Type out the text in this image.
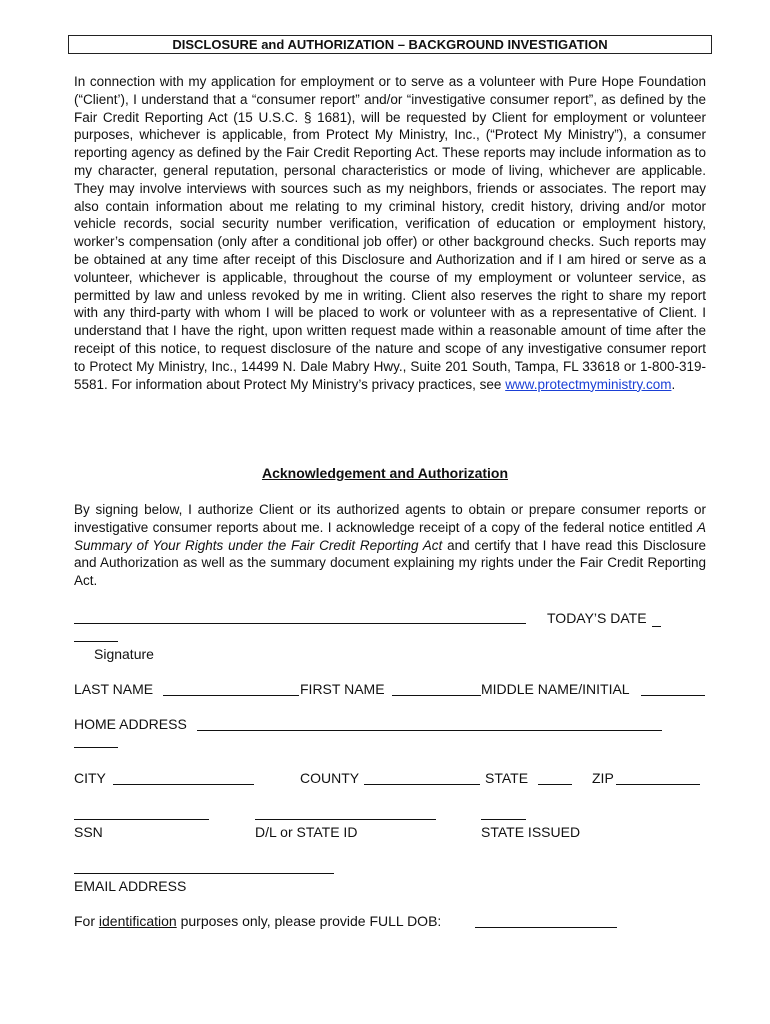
DISCLOSURE and AUTHORIZATION – BACKGROUND INVESTIGATION
In connection with my application for employment or to serve as a volunteer with Pure Hope Foundation (“Client’), I understand that a “consumer report” and/or “investigative consumer report”, as defined by the Fair Credit Reporting Act (15 U.S.C. § 1681), will be requested by Client for employment or volunteer purposes, whichever is applicable, from Protect My Ministry, Inc., (“Protect My Ministry”), a consumer reporting agency as defined by the Fair Credit Reporting Act. These reports may include information as to my character, general reputation, personal characteristics or mode of living, whichever are applicable. They may involve interviews with sources such as my neighbors, friends or associates. The report may also contain information about me relating to my criminal history, credit history, driving and/or motor vehicle records, social security number verification, verification of education or employment history, worker’s compensation (only after a conditional job offer) or other background checks. Such reports may be obtained at any time after receipt of this Disclosure and Authorization and if I am hired or serve as a volunteer, whichever is applicable, throughout the course of my employment or volunteer service, as permitted by law and unless revoked by me in writing. Client also reserves the right to share my report with any third-party with whom I will be placed to work or volunteer with as a representative of Client. I understand that I have the right, upon written request made within a reasonable amount of time after the receipt of this notice, to request disclosure of the nature and scope of any investigative consumer report to Protect My Ministry, Inc., 14499 N. Dale Mabry Hwy., Suite 201 South, Tampa, FL 33618 or 1-800-319-5581. For information about Protect My Ministry’s privacy practices, see www.protectmyministry.com.
Acknowledgement and Authorization
By signing below, I authorize Client or its authorized agents to obtain or prepare consumer reports or investigative consumer reports about me. I acknowledge receipt of a copy of the federal notice entitled A Summary of Your Rights under the Fair Credit Reporting Act and certify that I have read this Disclosure and Authorization as well as the summary document explaining my rights under the Fair Credit Reporting Act.
TODAY’S DATE
Signature
LAST NAME	FIRST NAME	MIDDLE NAME/INITIAL
HOME ADDRESS
CITY	COUNTY	STATE	ZIP
SSN	D/L or STATE ID	STATE ISSUED
EMAIL ADDRESS
For identification purposes only, please provide FULL DOB:
